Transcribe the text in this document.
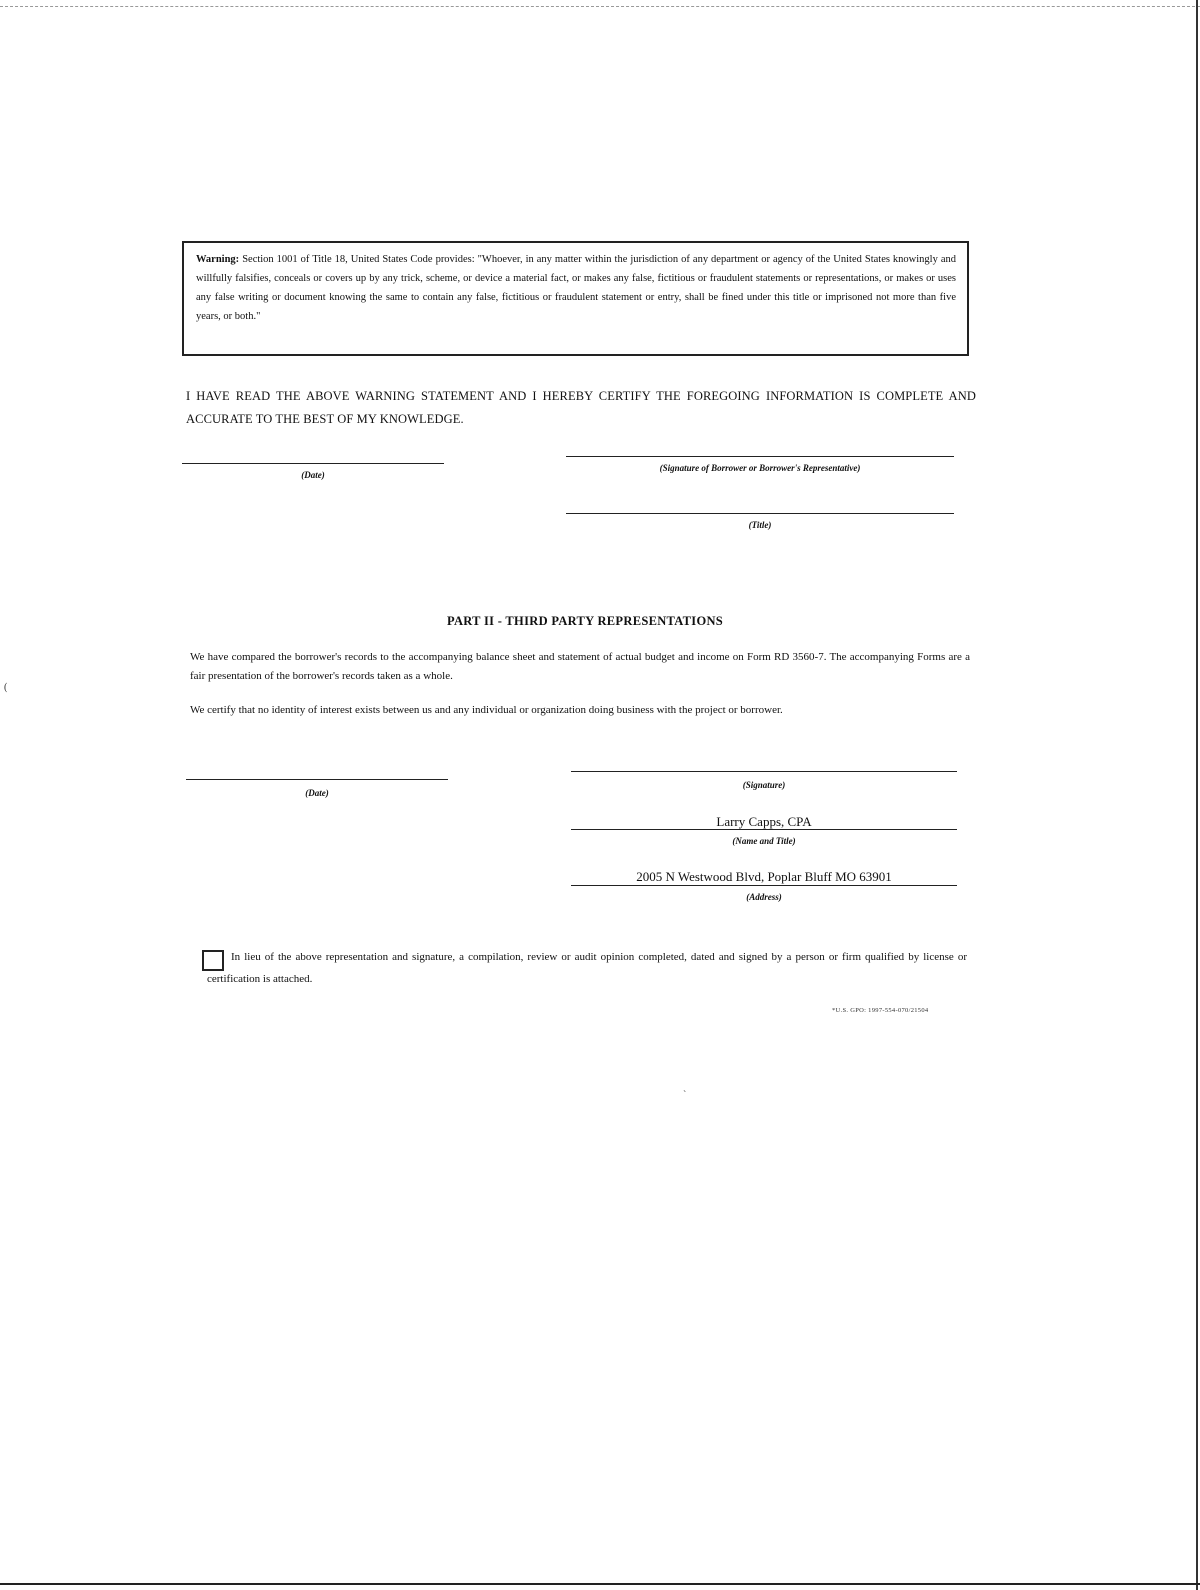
Warning: Section 1001 of Title 18, United States Code provides: "Whoever, in any matter within the jurisdiction of any department or agency of the United States knowingly and willfully falsifies, conceals or covers up by any trick, scheme, or device a material fact, or makes any false, fictitious or fraudulent statements or representations, or makes or uses any false writing or document knowing the same to contain any false, fictitious or fraudulent statement or entry, shall be fined under this title or imprisoned not more than five years, or both."
I HAVE READ THE ABOVE WARNING STATEMENT AND I HEREBY CERTIFY THE FOREGOING INFORMATION IS COMPLETE AND ACCURATE TO THE BEST OF MY KNOWLEDGE.
(Date)
(Signature of Borrower or Borrower's Representative)
(Title)
PART II - THIRD PARTY REPRESENTATIONS
We have compared the borrower's records to the accompanying balance sheet and statement of actual budget and income on Form RD 3560-7. The accompanying Forms are a fair presentation of the borrower's records taken as a whole.
We certify that no identity of interest exists between us and any individual or organization doing business with the project or borrower.
(Date)
(Signature)
Larry Capps, CPA
(Name and Title)
2005 N Westwood Blvd, Poplar Bluff MO 63901
(Address)
In lieu of the above representation and signature, a compilation, review or audit opinion completed, dated and signed by a person or firm qualified by license or certification is attached.
*U.S. GPO: 1997-554-070/21504
(
`
